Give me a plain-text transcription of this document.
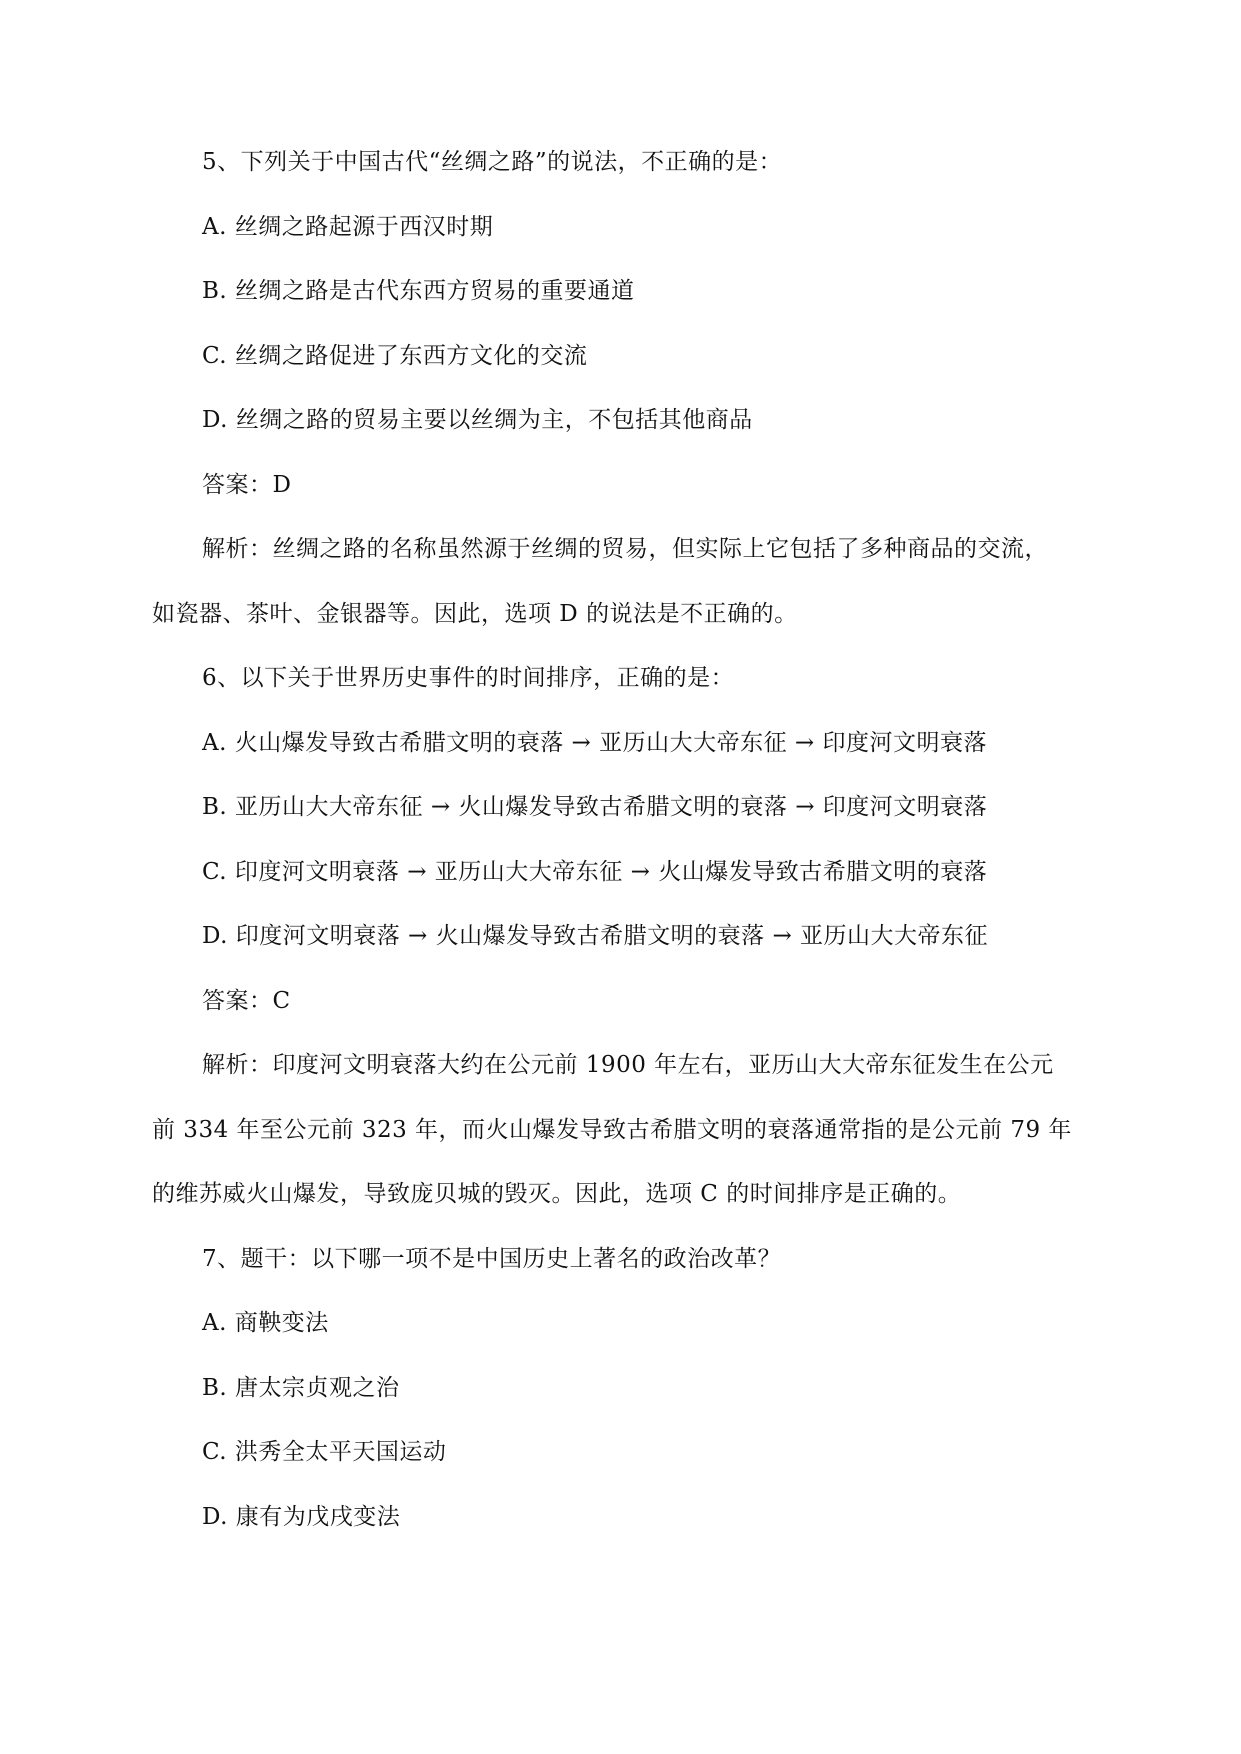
5、下列关于中国古代“丝绸之路”的说法，不正确的是：
A. 丝绸之路起源于西汉时期
B. 丝绸之路是古代东西方贸易的重要通道
C. 丝绸之路促进了东西方文化的交流
D. 丝绸之路的贸易主要以丝绸为主，不包括其他商品
答案：D
解析：丝绸之路的名称虽然源于丝绸的贸易，但实际上它包括了多种商品的交流，
如瓷器、茶叶、金银器等。因此，选项 D 的说法是不正确的。
6、以下关于世界历史事件的时间排序，正确的是：
A. 火山爆发导致古希腊文明的衰落 → 亚历山大大帝东征 → 印度河文明衰落
B. 亚历山大大帝东征 → 火山爆发导致古希腊文明的衰落 → 印度河文明衰落
C. 印度河文明衰落 → 亚历山大大帝东征 → 火山爆发导致古希腊文明的衰落
D. 印度河文明衰落 → 火山爆发导致古希腊文明的衰落 → 亚历山大大帝东征
答案：C
解析：印度河文明衰落大约在公元前 1900 年左右，亚历山大大帝东征发生在公元
前 334 年至公元前 323 年，而火山爆发导致古希腊文明的衰落通常指的是公元前 79 年
的维苏威火山爆发，导致庞贝城的毁灭。因此，选项 C 的时间排序是正确的。
7、题干：以下哪一项不是中国历史上著名的政治改革？
A. 商鞅变法
B. 唐太宗贞观之治
C. 洪秀全太平天国运动
D. 康有为戊戌变法
